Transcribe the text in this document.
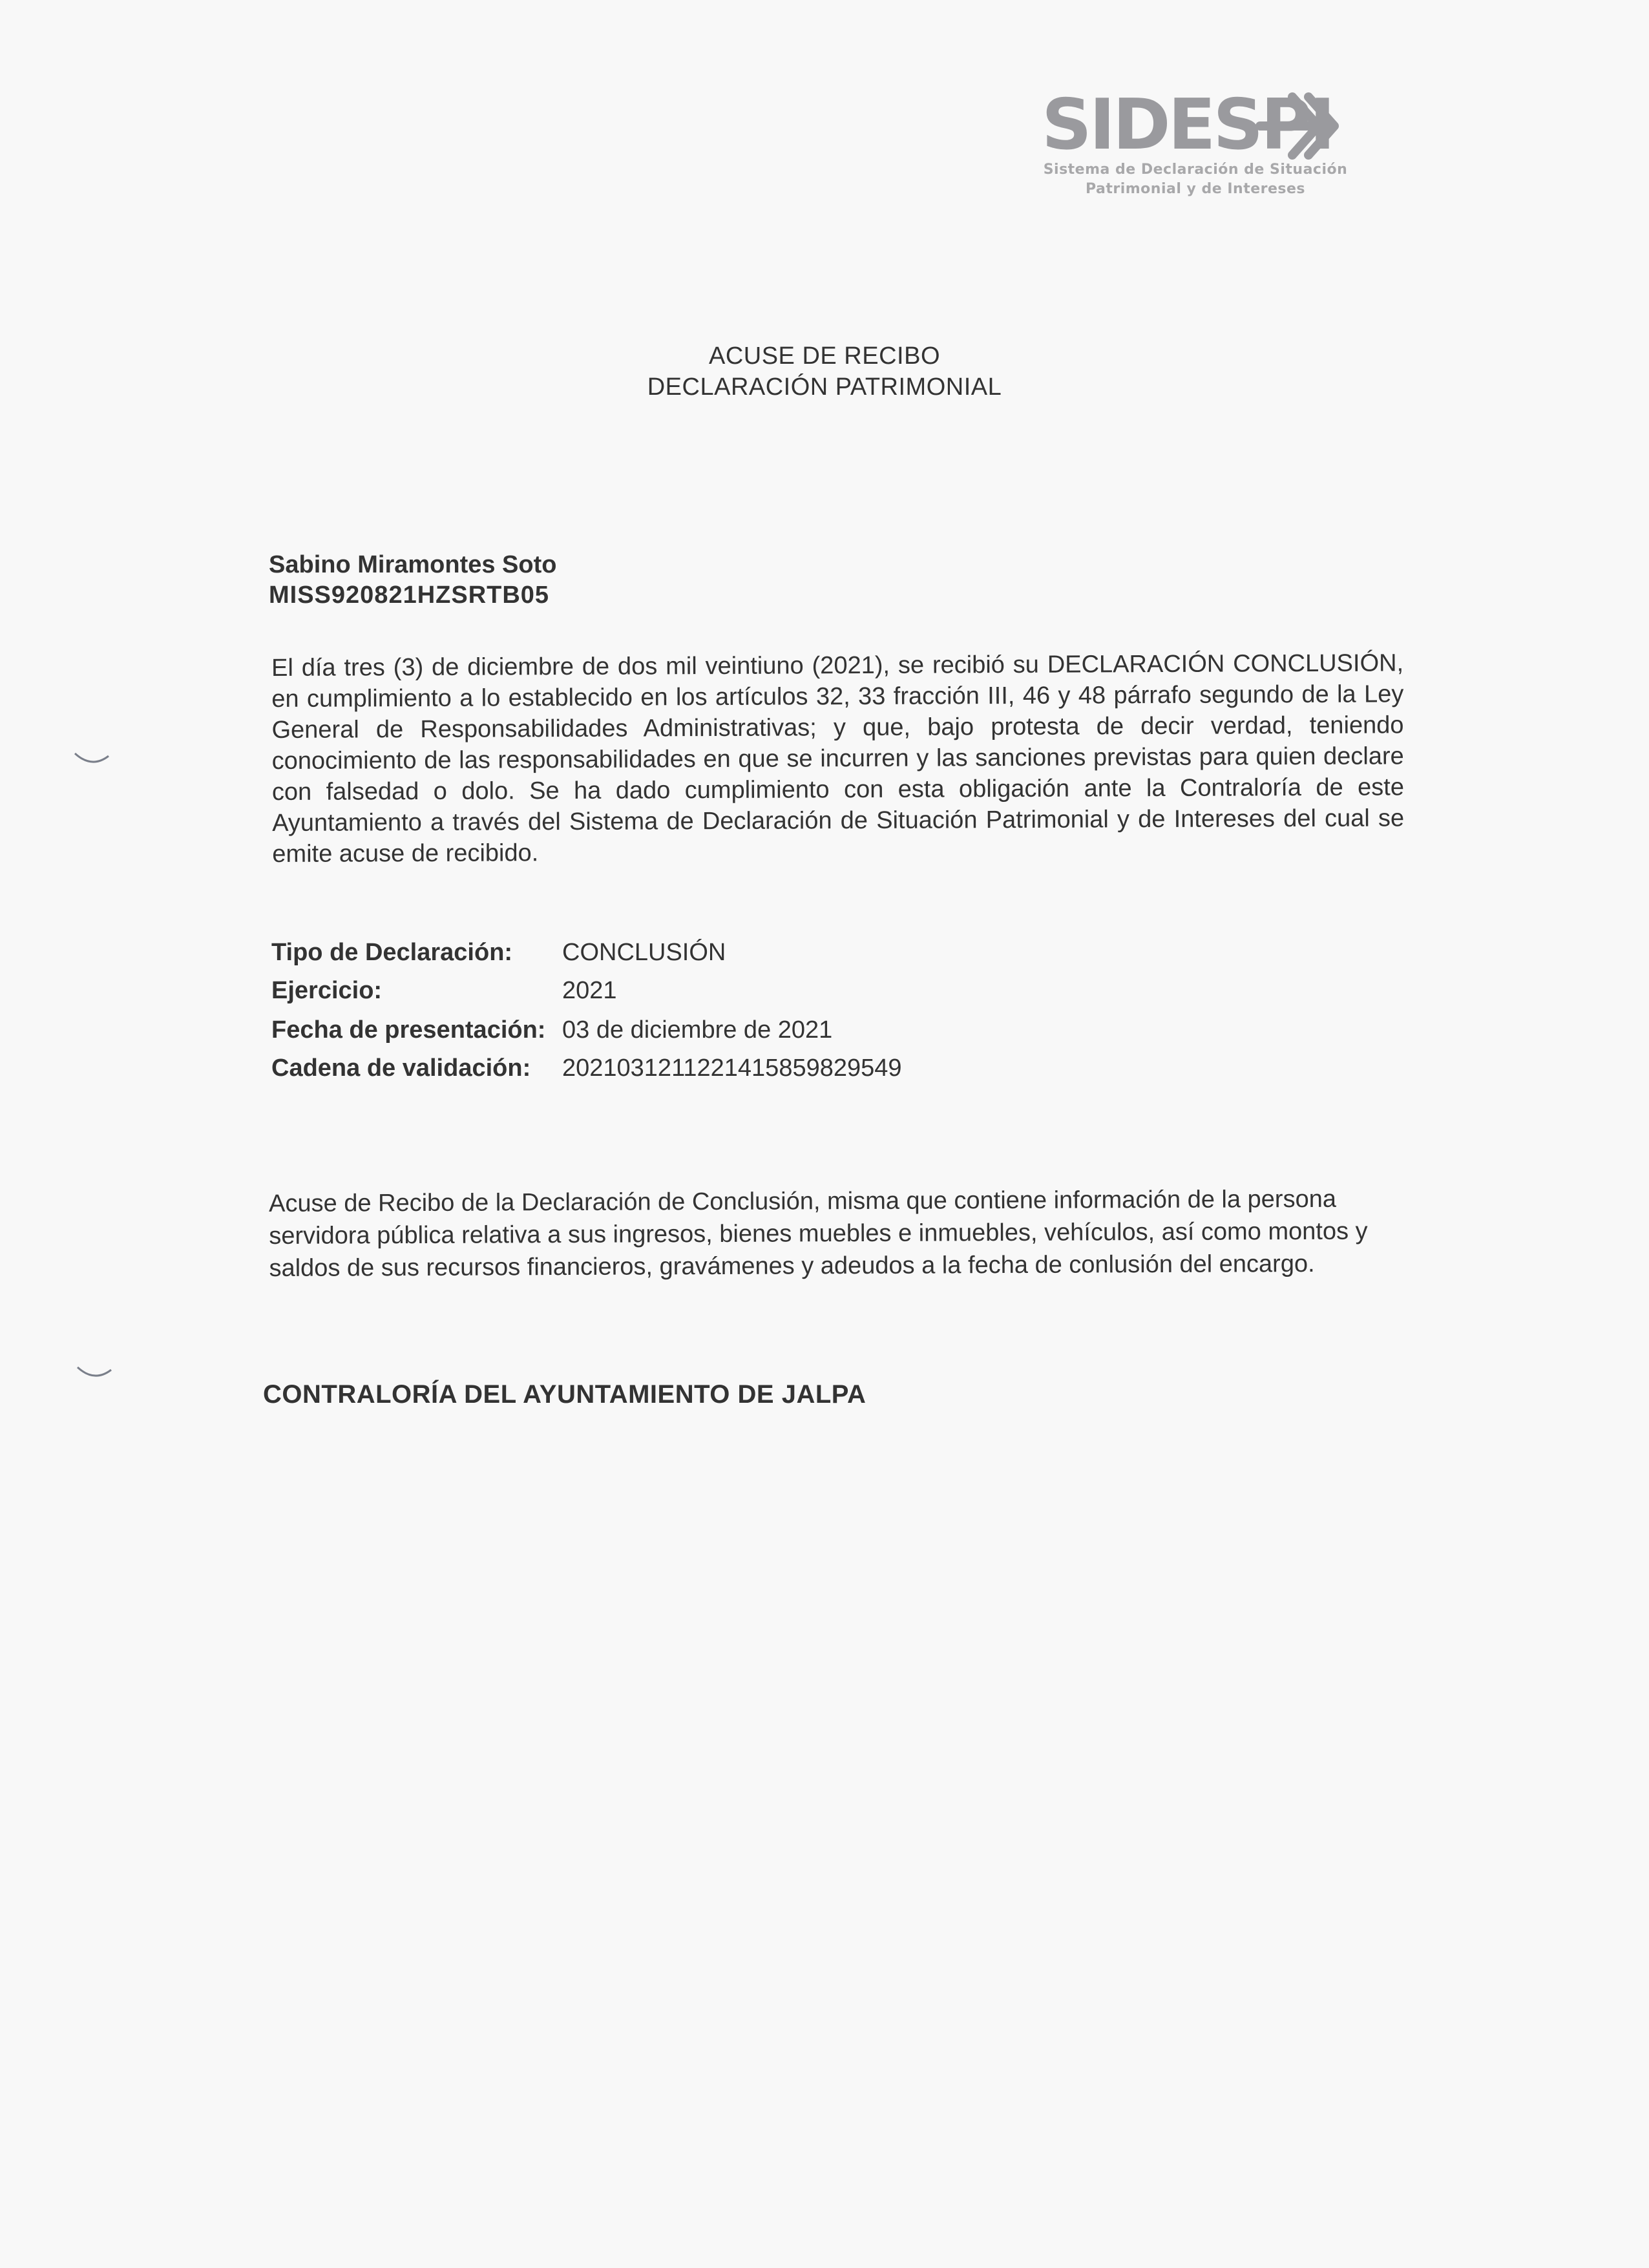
SIDESPI
Sistema de Declaración de Situación
Patrimonial y de Intereses
ACUSE DE RECIBO
DECLARACIÓN PATRIMONIAL
Sabino Miramontes Soto
MISS920821HZSRTB05
El día tres (3) de diciembre de dos mil veintiuno (2021), se recibió su DECLARACIÓN CONCLUSIÓN, en cumplimiento a lo establecido en los artículos 32, 33 fracción III, 46 y 48 párrafo segundo de la Ley General de Responsabilidades Administrativas; y que, bajo protesta de decir verdad, teniendo conocimiento de las responsabilidades en que se incurren y las sanciones previstas para quien declare con falsedad o dolo. Se ha dado cumplimiento con esta obligación ante la Contraloría de este Ayuntamiento a través del Sistema de Declaración de Situación Patrimonial y de Intereses del cual se emite acuse de recibido.
Tipo de Declaración: CONCLUSIÓN
Ejercicio:	2021
Fecha de presentación: 03 de diciembre de 2021
Cadena de validación: 20210312112214158598295​49
Acuse de Recibo de la Declaración de Conclusión, misma que contiene información de la persona servidora pública relativa a sus ingresos, bienes muebles e inmuebles, vehículos, así como montos y saldos de sus recursos financieros, gravámenes y adeudos a la fecha de conlusión del encargo.
CONTRALORÍA DEL AYUNTAMIENTO DE JALPA
